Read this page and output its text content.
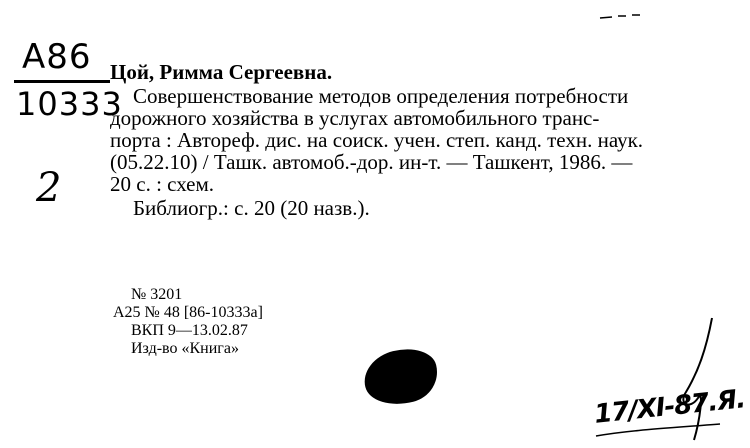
A86
10333
2

Цой, Римма Сергеевна.

Совершенствование методов определения потребности

дорожного хозяйства в услугах автомобильного транс-

порта : Автореф. дис. на соиск. учен. степ. канд. техн. наук.

(05.22.10) / Ташк. автомоб.-дор. ин-т. — Ташкент, 1986. —

20 с. : схем.

Библиогр.: с. 20 (20 назв.).

№ 3201

А25 № 48 [86-10333а]

ВКП 9—13.02.87

Изд-во «Книга»

17/XI-87.Я.
